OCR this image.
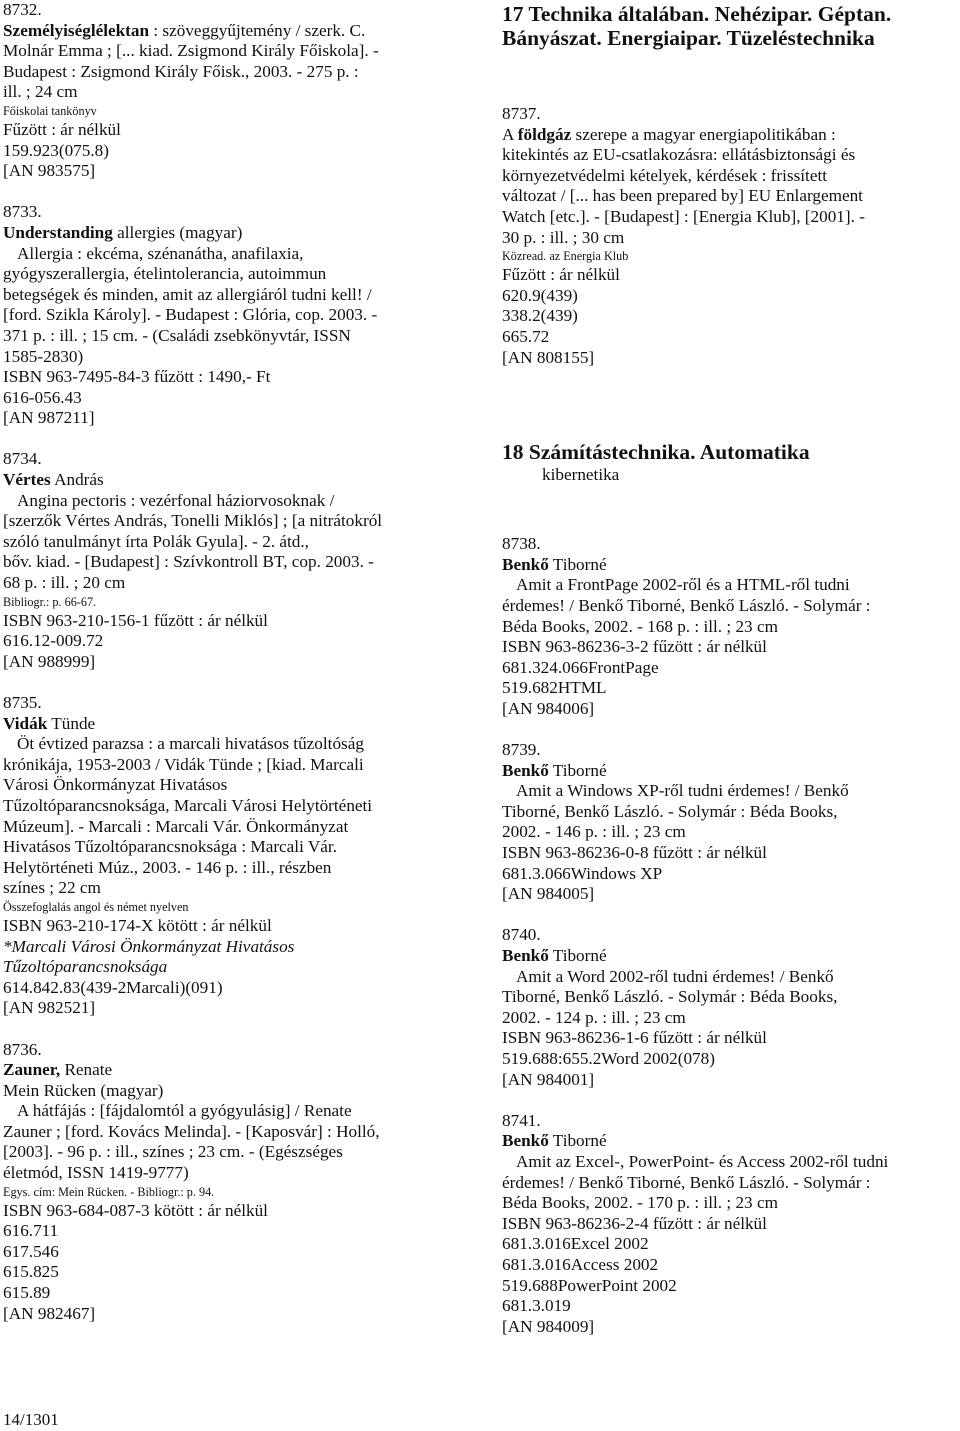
8732.
Személyiséglélektan : szöveggyűjtemény / szerk. C.
Molnár Emma ; [... kiad. Zsigmond Király Főiskola]. -
Budapest : Zsigmond Király Főisk., 2003. - 275 p. :
ill. ; 24 cm
Főiskolai tankönyv
Fűzött : ár nélkül
159.923(075.8)
[AN 983575]
8733.
Understanding allergies (magyar)
Allergia : ekcéma, szénanátha, anafilaxia,
gyógyszerallergia, ételintolerancia, autoimmun
betegségek és minden, amit az allergiáról tudni kell! /
[ford. Szikla Károly]. - Budapest : Glória, cop. 2003. -
371 p. : ill. ; 15 cm. - (Családi zsebkönyvtár, ISSN
1585-2830)
ISBN 963-7495-84-3 fűzött : 1490,- Ft
616-056.43
[AN 987211]
8734.
Vértes András
Angina pectoris : vezérfonal háziorvosoknak /
[szerzők Vértes András, Tonelli Miklós] ; [a nitrátokról
szóló tanulmányt írta Polák Gyula]. - 2. átd.,
bőv. kiad. - [Budapest] : Szívkontroll BT, cop. 2003. -
68 p. : ill. ; 20 cm
Bibliogr.: p. 66-67.
ISBN 963-210-156-1 fűzött : ár nélkül
616.12-009.72
[AN 988999]
8735.
Vidák Tünde
Öt évtized parazsa : a marcali hivatásos tűzoltóság
krónikája, 1953-2003 / Vidák Tünde ; [kiad. Marcali
Városi Önkormányzat Hivatásos
Tűzoltóparancsnoksága, Marcali Városi Helytörténeti
Múzeum]. - Marcali : Marcali Vár. Önkormányzat
Hivatásos Tűzoltóparancsnoksága : Marcali Vár.
Helytörténeti Múz., 2003. - 146 p. : ill., részben
színes ; 22 cm
Összefoglalás angol és német nyelven
ISBN 963-210-174-X kötött : ár nélkül
*Marcali Városi Önkormányzat Hivatásos
Tűzoltóparancsnoksága
614.842.83(439-2Marcali)(091)
[AN 982521]
8736.
Zauner, Renate
Mein Rücken (magyar)
A hátfájás : [fájdalomtól a gyógyulásig] / Renate
Zauner ; [ford. Kovács Melinda]. - [Kaposvár] : Holló,
[2003]. - 96 p. : ill., színes ; 23 cm. - (Egészséges
életmód, ISSN 1419-9777)
Egys. cím: Mein Rücken. - Bibliogr.: p. 94.
ISBN 963-684-087-3 kötött : ár nélkül
616.711
617.546
615.825
615.89
[AN 982467]
17 Technika általában. Nehézipar. Géptan.
Bányászat. Energiaipar. Tüzeléstechnika
8737.
A földgáz szerepe a magyar energiapolitikában :
kitekintés az EU-csatlakozásra: ellátásbiztonsági és
környezetvédelmi kételyek, kérdések : frissített
változat / [... has been prepared by] EU Enlargement
Watch [etc.]. - [Budapest] : [Energia Klub], [2001]. -
30 p. : ill. ; 30 cm
Közread. az Energia Klub
Fűzött : ár nélkül
620.9(439)
338.2(439)
665.72
[AN 808155]
18 Számítástechnika. Automatika
kibernetika
8738.
Benkő Tiborné
Amit a FrontPage 2002-ről és a HTML-ről tudni
érdemes! / Benkő Tiborné, Benkő László. - Solymár :
Béda Books, 2002. - 168 p. : ill. ; 23 cm
ISBN 963-86236-3-2 fűzött : ár nélkül
681.324.066FrontPage
519.682HTML
[AN 984006]
8739.
Benkő Tiborné
Amit a Windows XP-ről tudni érdemes! / Benkő
Tiborné, Benkő László. - Solymár : Béda Books,
2002. - 146 p. : ill. ; 23 cm
ISBN 963-86236-0-8 fűzött : ár nélkül
681.3.066Windows XP
[AN 984005]
8740.
Benkő Tiborné
Amit a Word 2002-ről tudni érdemes! / Benkő
Tiborné, Benkő László. - Solymár : Béda Books,
2002. - 124 p. : ill. ; 23 cm
ISBN 963-86236-1-6 fűzött : ár nélkül
519.688:655.2Word 2002(078)
[AN 984001]
8741.
Benkő Tiborné
Amit az Excel-, PowerPoint- és Access 2002-ről tudni
érdemes! / Benkő Tiborné, Benkő László. - Solymár :
Béda Books, 2002. - 170 p. : ill. ; 23 cm
ISBN 963-86236-2-4 fűzött : ár nélkül
681.3.016Excel 2002
681.3.016Access 2002
519.688PowerPoint 2002
681.3.019
[AN 984009]
14/1301
